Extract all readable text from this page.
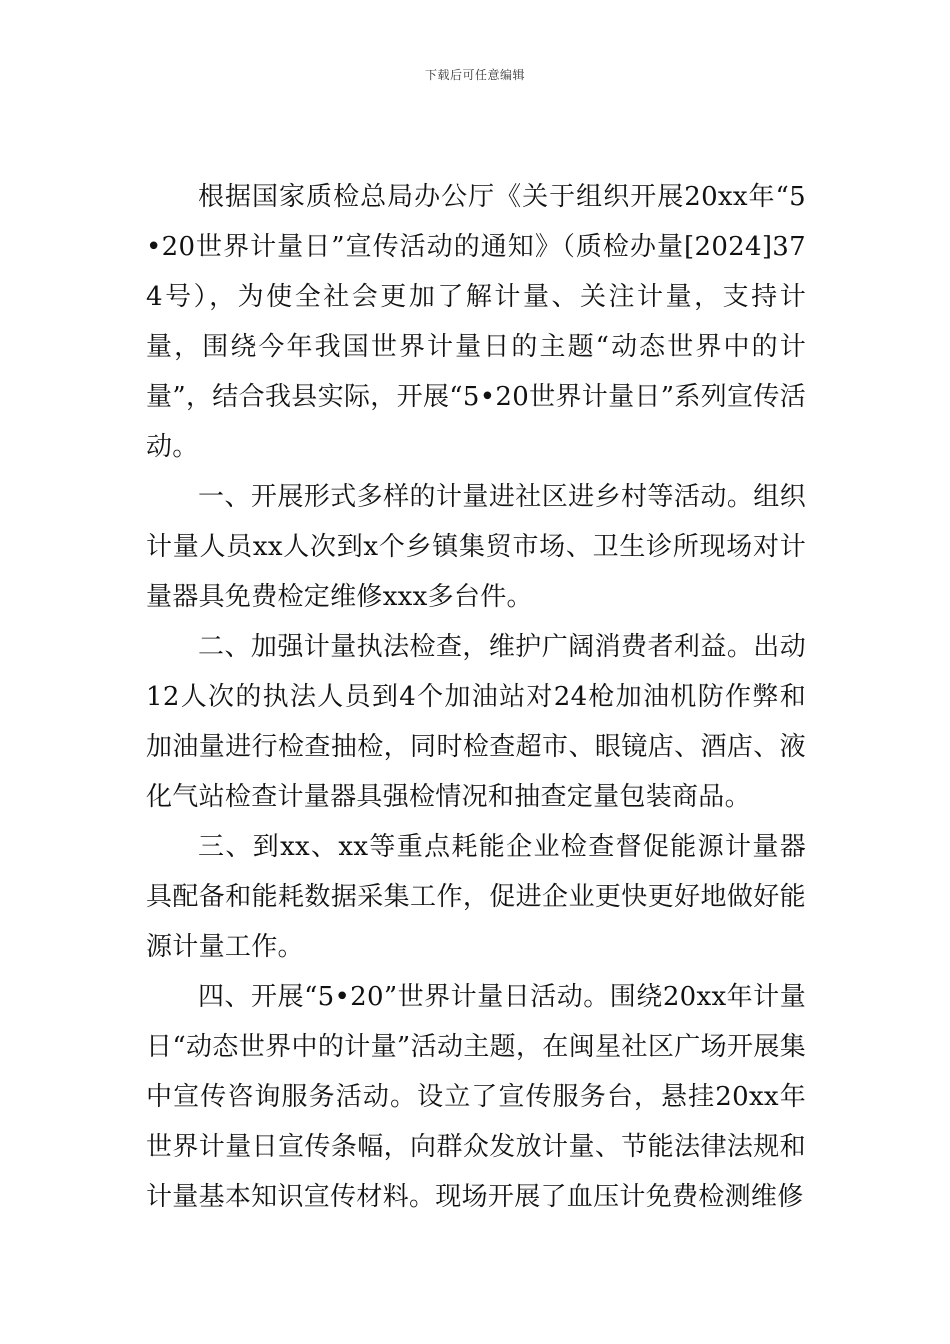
下载后可任意编辑

根据国家质检总局办公厅《关于组织开展20xx年“5•20世界计量日”宣传活动的通知》（质检办量[2024]374号），为使全社会更加了解计量、关注计量，支持计量，围绕今年我国世界计量日的主题“动态世界中的计量”，结合我县实际，开展“5•20世界计量日”系列宣传活动。

一、开展形式多样的计量进社区进乡村等活动。组织计量人员xx人次到x个乡镇集贸市场、卫生诊所现场对计量器具免费检定维修xxx多台件。

二、加强计量执法检查，维护广阔消费者利益。出动12人次的执法人员到4个加油站对24枪加油机防作弊和加油量进行检查抽检，同时检查超市、眼镜店、酒店、液化气站检查计量器具强检情况和抽查定量包装商品。

三、到xx、xx等重点耗能企业检查督促能源计量器具配备和能耗数据采集工作，促进企业更快更好地做好能源计量工作。

四、开展“5•20”世界计量日活动。围绕20xx年计量日“动态世界中的计量”活动主题，在闽星社区广场开展集中宣传咨询服务活动。设立了宣传服务台，悬挂20xx年世界计量日宣传条幅，向群众发放计量、节能法律法规和计量基本知识宣传材料。现场开展了血压计免费检测维修
